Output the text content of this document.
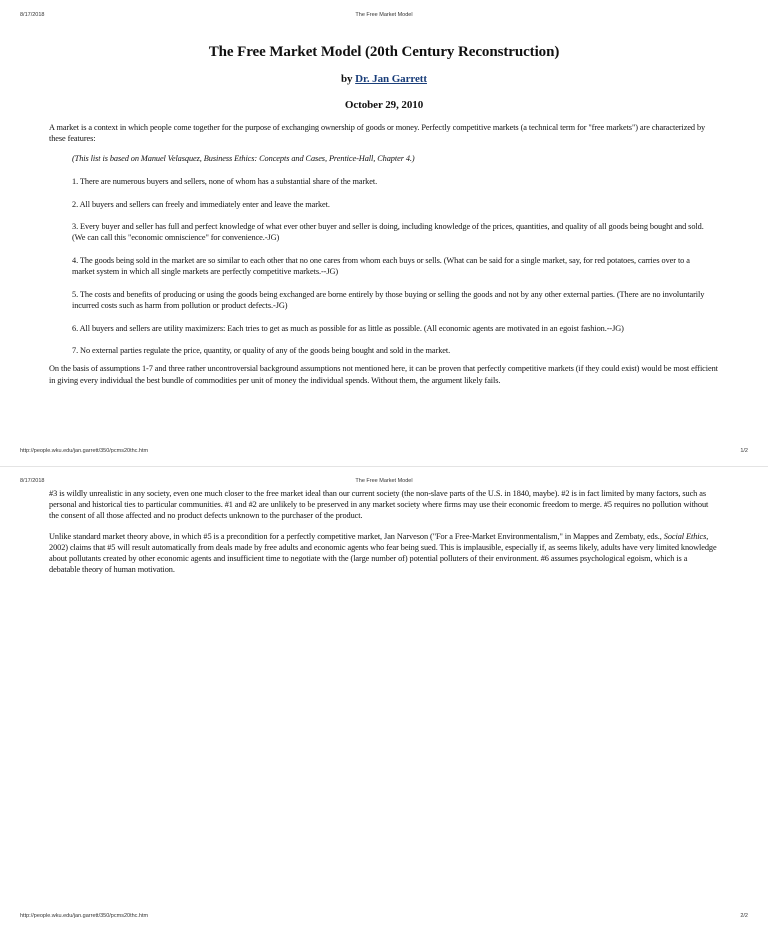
8/17/2018	The Free Market Model
The Free Market Model (20th Century Reconstruction)
by Dr. Jan Garrett
October 29, 2010

A market is a context in which people come together for the purpose of exchanging ownership of goods or money. Perfectly competitive markets (a technical term for "free markets") are characterized by these features:

(This list is based on Manuel Velasquez, Business Ethics: Concepts and Cases, Prentice-Hall, Chapter 4.)

1. There are numerous buyers and sellers, none of whom has a substantial share of the market.

2. All buyers and sellers can freely and immediately enter and leave the market.

3. Every buyer and seller has full and perfect knowledge of what ever other buyer and seller is doing, including knowledge of the prices, quantities, and quality of all goods being bought and sold. (We can call this "economic omniscience" for convenience.-JG)

4. The goods being sold in the market are so similar to each other that no one cares from whom each buys or sells. (What can be said for a single market, say, for red potatoes, carries over to a market system in which all single markets are perfectly competitive markets.--JG)

5. The costs and benefits of producing or using the goods being exchanged are borne entirely by those buying or selling the goods and not by any other external parties. (There are no involuntarily incurred costs such as harm from pollution or product defects.-JG)

6. All buyers and sellers are utility maximizers: Each tries to get as much as possible for as little as possible. (All economic agents are motivated in an egoist fashion.--JG)

7. No external parties regulate the price, quantity, or quality of any of the goods being bought and sold in the market.

On the basis of assumptions 1-7 and three rather uncontroversial background assumptions not mentioned here, it can be proven that perfectly competitive markets (if they could exist) would be most efficient in giving every individual the best bundle of commodities per unit of money the individual spends. Without them, the argument likely fails.

http://people.wku.edu/jan.garrett/350/pcms20thc.htm	1/2
8/17/2018	The Free Market Model

#3 is wildly unrealistic in any society, even one much closer to the free market ideal than our current society (the non-slave parts of the U.S. in 1840, maybe). #2 is in fact limited by many factors, such as personal and historical ties to particular communities. #1 and #2 are unlikely to be preserved in any market society where firms may use their economic freedom to merge. #5 requires no pollution without the consent of all those affected and no product defects unknown to the purchaser of the product.

Unlike standard market theory above, in which #5 is a precondition for a perfectly competitive market, Jan Narveson ("For a Free-Market Environmentalism," in Mappes and Zembaty, eds., Social Ethics, 2002) claims that #5 will result automatically from deals made by free adults and economic agents who fear being sued. This is implausible, especially if, as seems likely, adults have very limited knowledge about pollutants created by other economic agents and insufficient time to negotiate with the (large number of) potential polluters of their environment. #6 assumes psychological egoism, which is a debatable theory of human motivation.

http://people.wku.edu/jan.garrett/350/pcms20thc.htm	2/2
